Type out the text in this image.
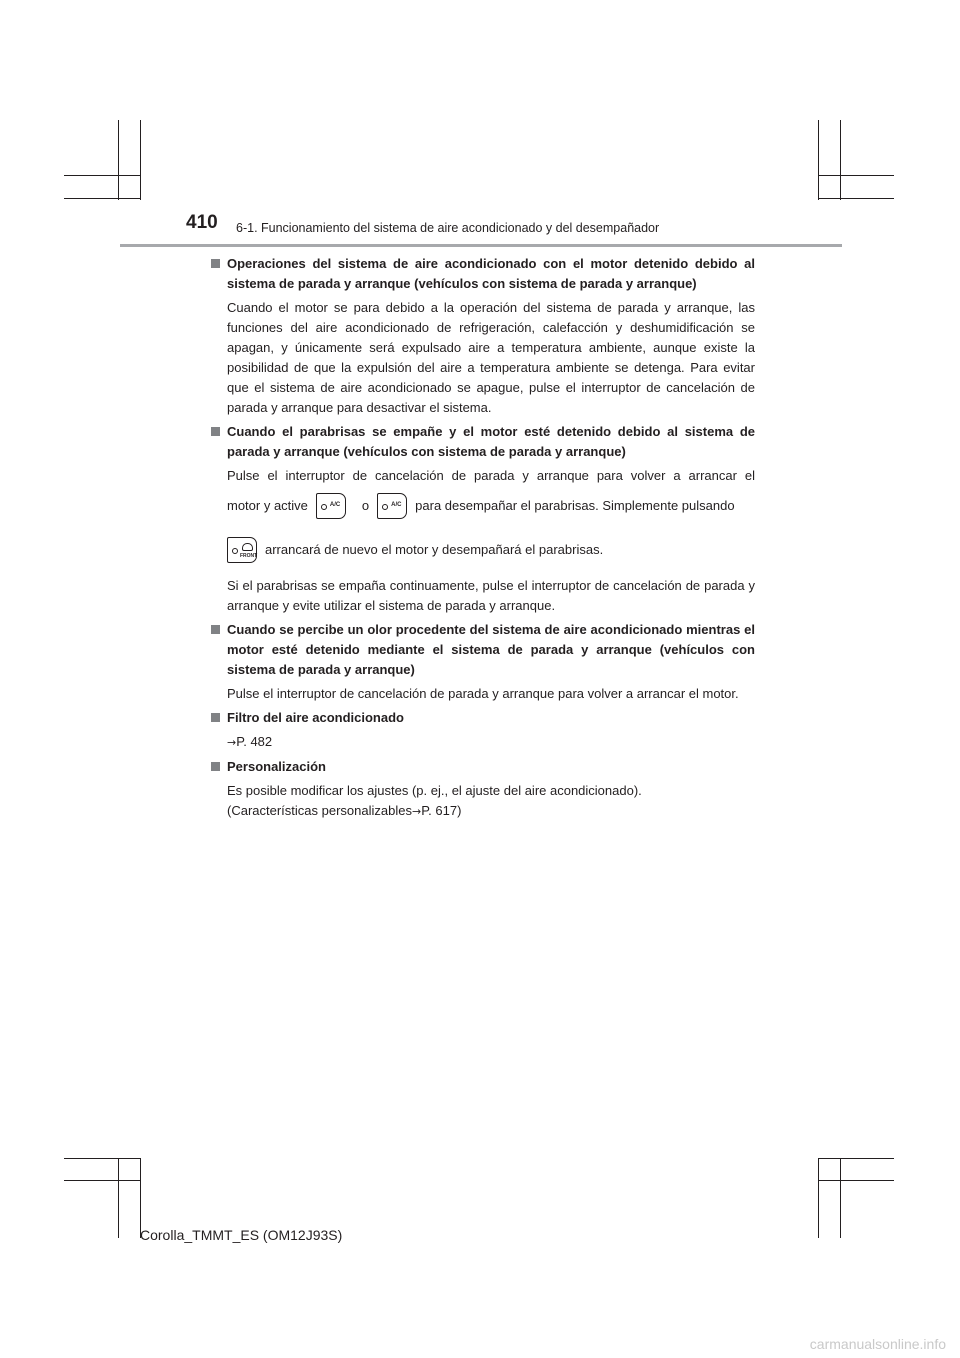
410 6-1. Funcionamiento del sistema de aire acondicionado y del desempañador
Operaciones del sistema de aire acondicionado con el motor detenido debido al sistema de parada y arranque (vehículos con sistema de parada y arranque)
Cuando el motor se para debido a la operación del sistema de parada y arranque, las funciones del aire acondicionado de refrigeración, calefacción y deshumidificación se apagan, y únicamente será expulsado aire a temperatura ambiente, aunque existe la posibilidad de que la expulsión del aire a temperatura ambiente se detenga. Para evitar que el sistema de aire acondicionado se apague, pulse el interruptor de cancelación de parada y arranque para desactivar el sistema.
Cuando el parabrisas se empañe y el motor esté detenido debido al sistema de parada y arranque (vehículos con sistema de parada y arranque)
Pulse el interruptor de cancelación de parada y arranque para volver a arrancar el
motor y active	A/C o	A/C para desempañar el parabrisas. Simplemente pulsando
FRONT arrancará de nuevo el motor y desempañará el parabrisas.
Si el parabrisas se empaña continuamente, pulse el interruptor de cancelación de parada y arranque y evite utilizar el sistema de parada y arranque.
Cuando se percibe un olor procedente del sistema de aire acondicionado mientras el motor esté detenido mediante el sistema de parada y arranque (vehículos con sistema de parada y arranque)
Pulse el interruptor de cancelación de parada y arranque para volver a arrancar el motor.
Filtro del aire acondicionado
→P. 482
Personalización
Es posible modificar los ajustes (p. ej., el ajuste del aire acondicionado).
(Características personalizables→P. 617)
Corolla_TMMT_ES (OM12J93S)
carmanualsonline.info
